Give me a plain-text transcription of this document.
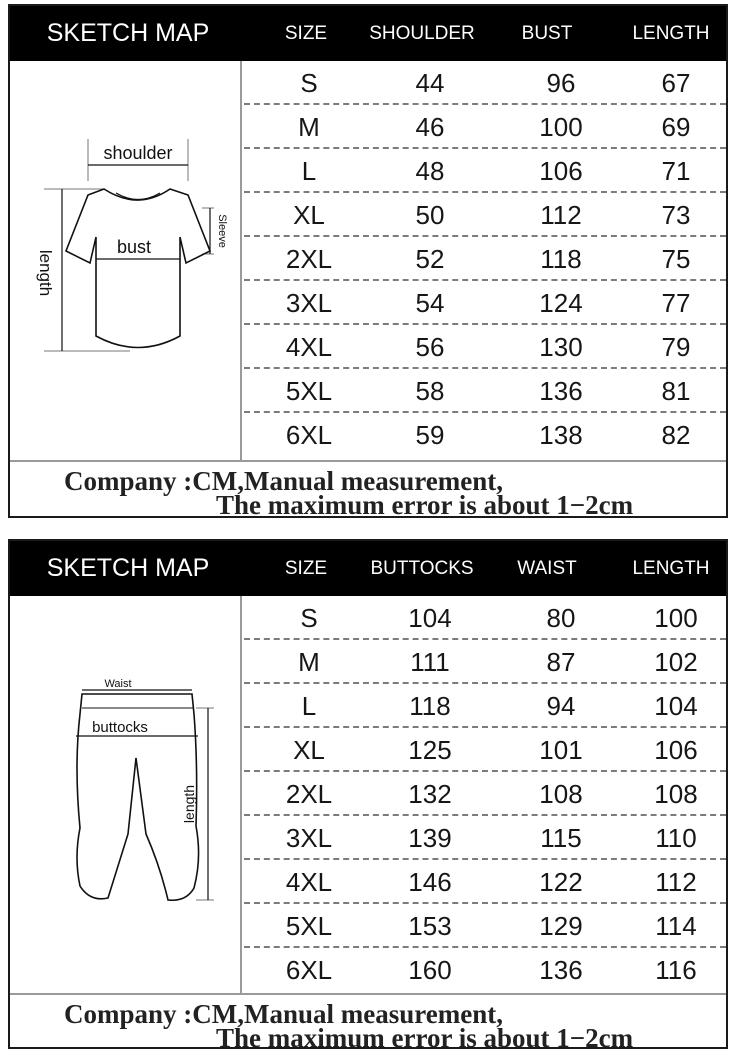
SKETCH MAP	SIZE	SHOULDER	BUST	LENGTH
shoulder
length
Sleeve
bust
S	44	96	67
M	46	100	69
L	48	106	71
XL	50	112	73
2XL	52	118	75
3XL	54	124	77
4XL	56	130	79
5XL	58	136	81
6XL	59	138	82
Company :CM,Manual measurement,
The maximum error is about 1−2cm
SKETCH MAP	SIZE	BUTTOCKS	WAIST	LENGTH
Waist
buttocks
length
S	104	80	100
M	111	87	102
L	118	94	104
XL	125	101	106
2XL	132	108	108
3XL	139	115	110
4XL	146	122	112
5XL	153	129	114
6XL	160	136	116
Company :CM,Manual measurement,
The maximum error is about 1−2cm
